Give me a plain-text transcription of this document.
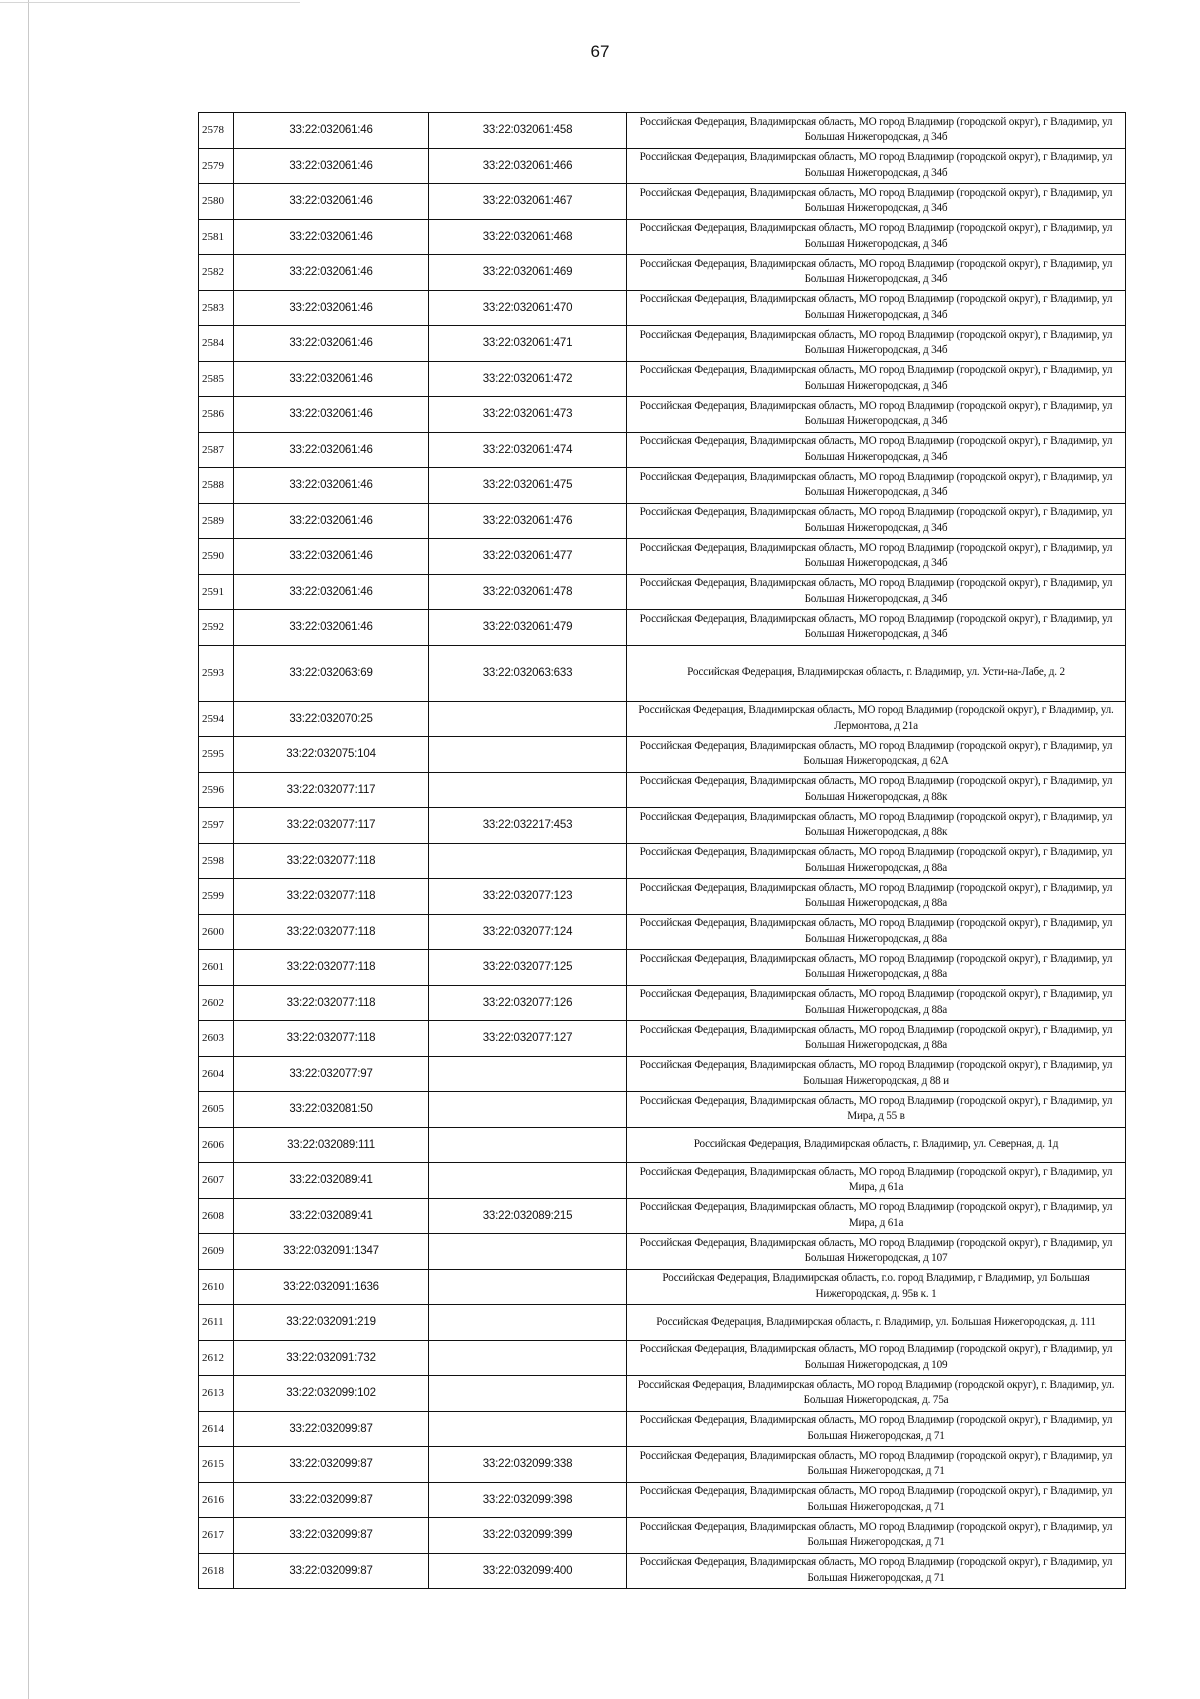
67
2578	33:22:032061:46	33:22:032061:458	Российская Федерация, Владимирская область, МО город Владимир (городской округ), г Владимир, ул Большая Нижегородская, д 34б
2579	33:22:032061:46	33:22:032061:466	Российская Федерация, Владимирская область, МО город Владимир (городской округ), г Владимир, ул Большая Нижегородская, д 34б
2580	33:22:032061:46	33:22:032061:467	Российская Федерация, Владимирская область, МО город Владимир (городской округ), г Владимир, ул Большая Нижегородская, д 34б
2581	33:22:032061:46	33:22:032061:468	Российская Федерация, Владимирская область, МО город Владимир (городской округ), г Владимир, ул Большая Нижегородская, д 34б
2582	33:22:032061:46	33:22:032061:469	Российская Федерация, Владимирская область, МО город Владимир (городской округ), г Владимир, ул Большая Нижегородская, д 34б
2583	33:22:032061:46	33:22:032061:470	Российская Федерация, Владимирская область, МО город Владимир (городской округ), г Владимир, ул Большая Нижегородская, д 34б
2584	33:22:032061:46	33:22:032061:471	Российская Федерация, Владимирская область, МО город Владимир (городской округ), г Владимир, ул Большая Нижегородская, д 34б
2585	33:22:032061:46	33:22:032061:472	Российская Федерация, Владимирская область, МО город Владимир (городской округ), г Владимир, ул Большая Нижегородская, д 34б
2586	33:22:032061:46	33:22:032061:473	Российская Федерация, Владимирская область, МО город Владимир (городской округ), г Владимир, ул Большая Нижегородская, д 34б
2587	33:22:032061:46	33:22:032061:474	Российская Федерация, Владимирская область, МО город Владимир (городской округ), г Владимир, ул Большая Нижегородская, д 34б
2588	33:22:032061:46	33:22:032061:475	Российская Федерация, Владимирская область, МО город Владимир (городской округ), г Владимир, ул Большая Нижегородская, д 34б
2589	33:22:032061:46	33:22:032061:476	Российская Федерация, Владимирская область, МО город Владимир (городской округ), г Владимир, ул Большая Нижегородская, д 34б
2590	33:22:032061:46	33:22:032061:477	Российская Федерация, Владимирская область, МО город Владимир (городской округ), г Владимир, ул Большая Нижегородская, д 34б
2591	33:22:032061:46	33:22:032061:478	Российская Федерация, Владимирская область, МО город Владимир (городской округ), г Владимир, ул Большая Нижегородская, д 34б
2592	33:22:032061:46	33:22:032061:479	Российская Федерация, Владимирская область, МО город Владимир (городской округ), г Владимир, ул Большая Нижегородская, д 34б
2593	33:22:032063:69	33:22:032063:633	Российская Федерация, Владимирская область, г. Владимир, ул. Усти-на-Лабе, д. 2
2594	33:22:032070:25		Российская Федерация, Владимирская область, МО город Владимир (городской округ), г Владимир, ул. Лермонтова, д 21а
2595	33:22:032075:104		Российская Федерация, Владимирская область, МО город Владимир (городской округ), г Владимир, ул Большая Нижегородская, д 62А
2596	33:22:032077:117		Российская Федерация, Владимирская область, МО город Владимир (городской округ), г Владимир, ул Большая Нижегородская, д 88к
2597	33:22:032077:117	33:22:032217:453	Российская Федерация, Владимирская область, МО город Владимир (городской округ), г Владимир, ул Большая Нижегородская, д 88к
2598	33:22:032077:118		Российская Федерация, Владимирская область, МО город Владимир (городской округ), г Владимир, ул Большая Нижегородская, д 88а
2599	33:22:032077:118	33:22:032077:123	Российская Федерация, Владимирская область, МО город Владимир (городской округ), г Владимир, ул Большая Нижегородская, д 88а
2600	33:22:032077:118	33:22:032077:124	Российская Федерация, Владимирская область, МО город Владимир (городской округ), г Владимир, ул Большая Нижегородская, д 88а
2601	33:22:032077:118	33:22:032077:125	Российская Федерация, Владимирская область, МО город Владимир (городской округ), г Владимир, ул Большая Нижегородская, д 88а
2602	33:22:032077:118	33:22:032077:126	Российская Федерация, Владимирская область, МО город Владимир (городской округ), г Владимир, ул Большая Нижегородская, д 88а
2603	33:22:032077:118	33:22:032077:127	Российская Федерация, Владимирская область, МО город Владимир (городской округ), г Владимир, ул Большая Нижегородская, д 88а
2604	33:22:032077:97		Российская Федерация, Владимирская область, МО город Владимир (городской округ), г Владимир, ул Большая Нижегородская, д 88 и
2605	33:22:032081:50		Российская Федерация, Владимирская область, МО город Владимир (городской округ), г Владимир, ул Мира, д 55 в
2606	33:22:032089:111		Российская Федерация, Владимирская область, г. Владимир, ул. Северная, д. 1д
2607	33:22:032089:41		Российская Федерация, Владимирская область, МО город Владимир (городской округ), г Владимир, ул Мира, д 61а
2608	33:22:032089:41	33:22:032089:215	Российская Федерация, Владимирская область, МО город Владимир (городской округ), г Владимир, ул Мира, д 61а
2609	33:22:032091:1347		Российская Федерация, Владимирская область, МО город Владимир (городской округ), г Владимир, ул Большая Нижегородская, д 107
2610	33:22:032091:1636		Российская Федерация, Владимирская область, г.о. город Владимир, г Владимир, ул Большая Нижегородская, д. 95в к. 1
2611	33:22:032091:219		Российская Федерация, Владимирская область, г. Владимир, ул. Большая Нижегородская, д. 111
2612	33:22:032091:732		Российская Федерация, Владимирская область, МО город Владимир (городской округ), г Владимир, ул Большая Нижегородская, д 109
2613	33:22:032099:102		Российская Федерация, Владимирская область, МО город Владимир (городской округ), г. Владимир, ул. Большая Нижегородская, д. 75а
2614	33:22:032099:87		Российская Федерация, Владимирская область, МО город Владимир (городской округ), г Владимир, ул Большая Нижегородская, д 71
2615	33:22:032099:87	33:22:032099:338	Российская Федерация, Владимирская область, МО город Владимир (городской округ), г Владимир, ул Большая Нижегородская, д 71
2616	33:22:032099:87	33:22:032099:398	Российская Федерация, Владимирская область, МО город Владимир (городской округ), г Владимир, ул Большая Нижегородская, д 71
2617	33:22:032099:87	33:22:032099:399	Российская Федерация, Владимирская область, МО город Владимир (городской округ), г Владимир, ул Большая Нижегородская, д 71
2618	33:22:032099:87	33:22:032099:400	Российская Федерация, Владимирская область, МО город Владимир (городской округ), г Владимир, ул Большая Нижегородская, д 71
